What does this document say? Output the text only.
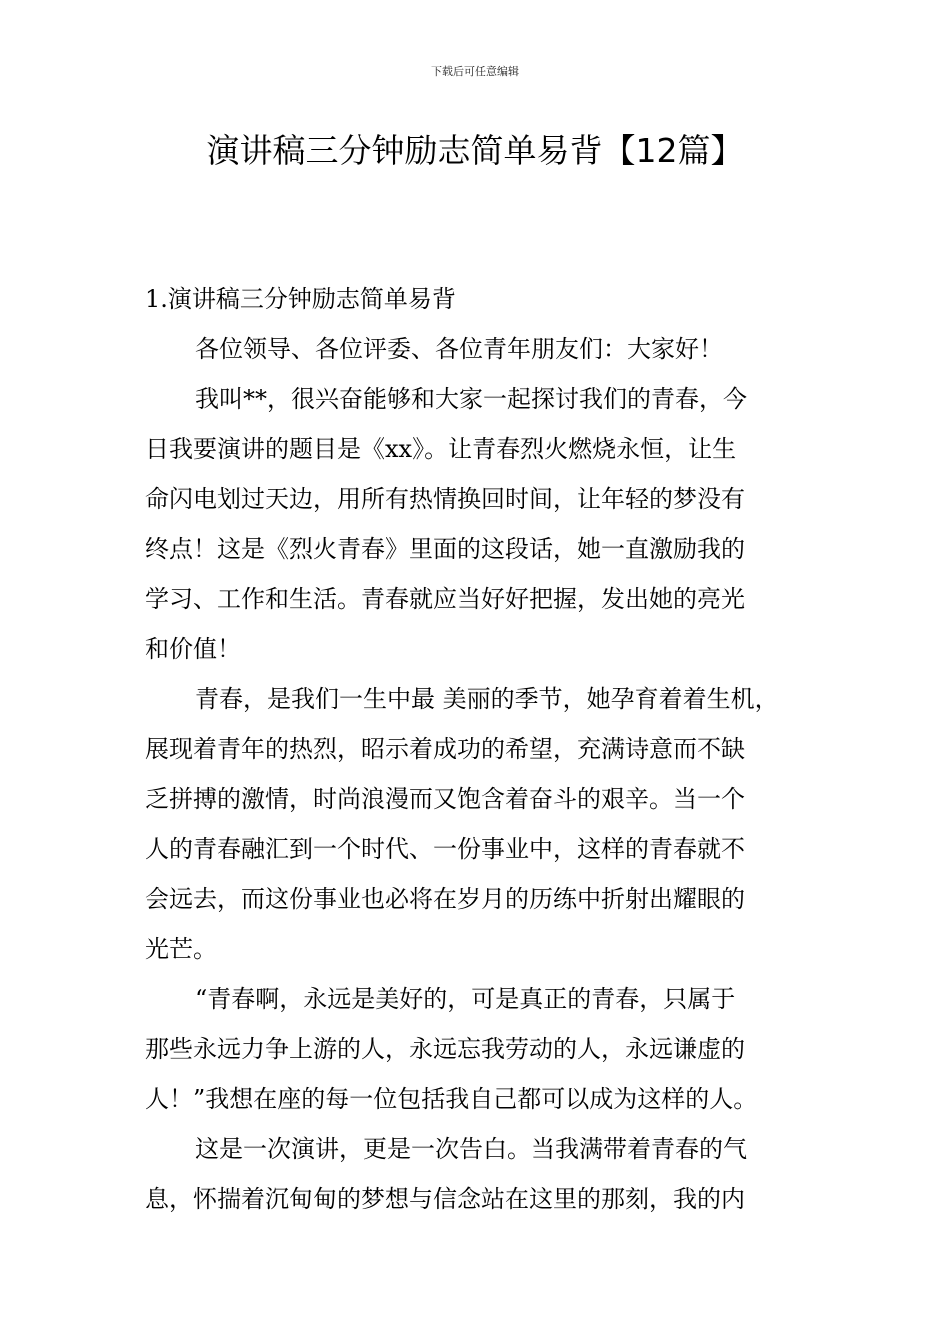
下载后可任意编辑
演讲稿三分钟励志简单易背【12篇】
1.演讲稿三分钟励志简单易背
各位领导、各位评委、各位青年朋友们：大家好！
我叫**，很兴奋能够和大家一起探讨我们的青春，今
日我要演讲的题目是《xx》。让青春烈火燃烧永恒，让生
命闪电划过天边，用所有热情换回时间，让年轻的梦没有
终点！这是《烈火青春》里面的这段话，她一直激励我的
学习、工作和生活。青春就应当好好把握，发出她的亮光
和价值！
青春，是我们一生中最 美丽的季节，她孕育着着生机，
展现着青年的热烈，昭示着成功的希望，充满诗意而不缺
乏拼搏的激情，时尚浪漫而又饱含着奋斗的艰辛。当一个
人的青春融汇到一个时代、一份事业中，这样的青春就不
会远去，而这份事业也必将在岁月的历练中折射出耀眼的
光芒。
“青春啊，永远是美好的，可是真正的青春，只属于
那些永远力争上游的人，永远忘我劳动的人，永远谦虚的
人！”我想在座的每一位包括我自己都可以成为这样的人。
这是一次演讲，更是一次告白。当我满带着青春的气
息，怀揣着沉甸甸的梦想与信念站在这里的那刻，我的内
